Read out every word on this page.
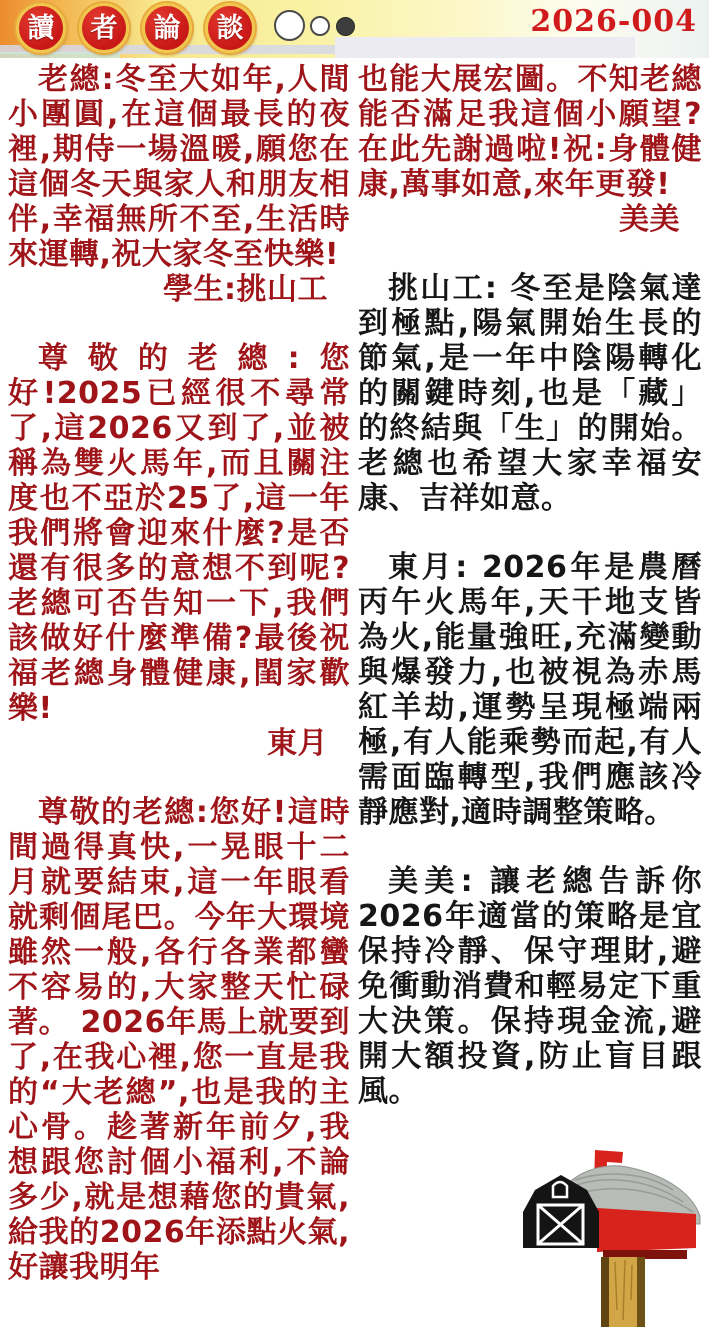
讀 者 論 談	2026-004

老總:冬至大如年,人間小團圓,在這個最長的夜裡,期侍一場溫暖,願您在這個冬天與家人和朋友相伴,幸福無所不至,生活時來運轉,祝大家冬至快樂!

學生:挑山工

尊敬的老總:您好!2025已經很不尋常了,這2026又到了,並被稱為雙火馬年,而且關注度也不亞於25了,這一年我們將會迎來什麼?是否還有很多的意想不到呢?老總可否告知一下,我們該做好什麼準備?最後祝福老總身體健康,閨家歡樂!

東月

尊敬的老總:您好!這時間過得真快,一晃眼十二月就要結束,這一年眼看就剩個尾巴。今年大環境雖然一般,各行各業都蠻不容易的,大家整天忙碌著。 2026年馬上就要到了,在我心裡,您一直是我的“大老總”,也是我的主心骨。趁著新年前夕,我想跟您討個小福利,不論多少,就是想藉您的貴氣,給我的2026年添點火氣,好讓我明年

也能大展宏圖。不知老總能否滿足我這個小願望?在此先謝過啦!祝:身體健康,萬事如意,來年更發!

美美

挑山工: 冬至是陰氣達到極點,陽氣開始生長的節氣,是一年中陰陽轉化的關鍵時刻,也是「藏」的終結與「生」的開始。老總也希望大家幸福安康、吉祥如意。

東月: 2026年是農曆丙午火馬年,天干地支皆為火,能量強旺,充滿變動與爆發力,也被視為赤馬紅羊劫,運勢呈現極端兩極,有人能乘勢而起,有人需面臨轉型,我們應該冷靜應對,適時調整策略。

美美: 讓老總告訴你2026年適當的策略是宜保持冷靜、保守理財,避免衝動消費和輕易定下重大決策。保持現金流,避開大額投資,防止盲目跟風。
